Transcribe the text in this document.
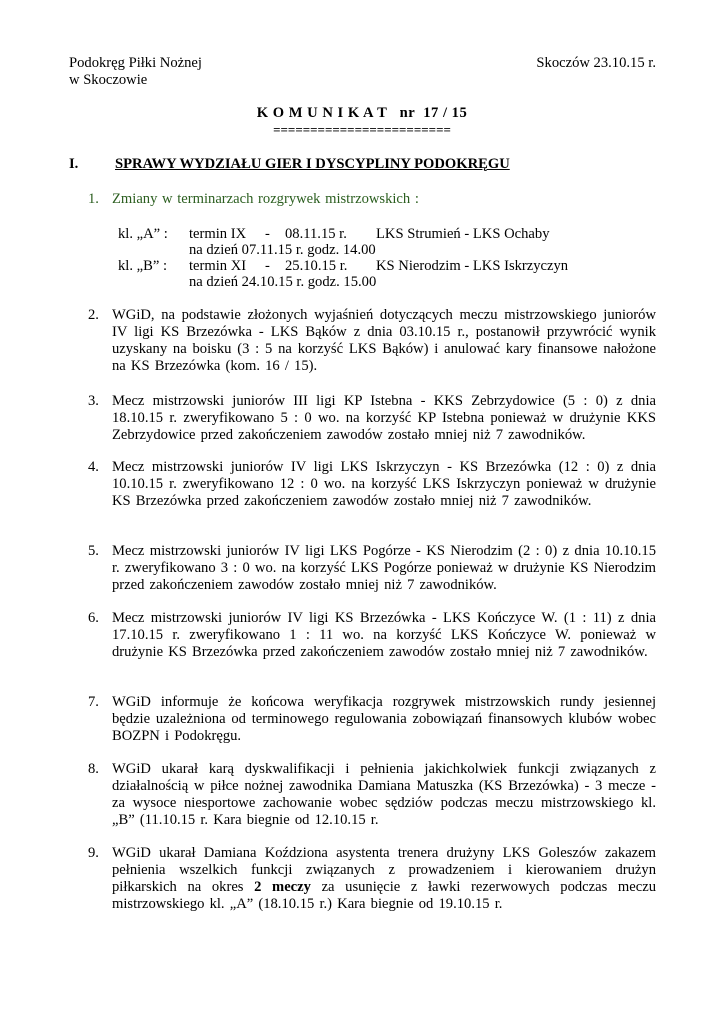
Podokręg Piłki Nożnej
w Skoczowie
Skoczów 23.10.15 r.
K O M U N I K A T   nr  17 / 15
========================
I.	SPRAWY WYDZIAŁU GIER I DYSCYPLINY PODOKRĘGU
1. Zmiany w terminarzach rozgrywek mistrzowskich :
kl. „A” : termin IX - 08.11.15 r. LKS Strumień - LKS Ochaby
na dzień 07.11.15 r. godz. 14.00
kl. „B” : termin XI - 25.10.15 r. KS Nierodzim - LKS Iskrzyczyn
na dzień 24.10.15 r. godz. 15.00
2. WGiD, na podstawie złożonych wyjaśnień dotyczących meczu mistrzowskiego juniorów IV ligi KS Brzezówka - LKS Bąków z dnia 03.10.15 r., postanowił przywrócić wynik uzyskany na boisku (3 : 5 na korzyść LKS Bąków) i anulować kary finansowe nałożone na KS Brzezówka (kom. 16 / 15).
3. Mecz mistrzowski juniorów III ligi KP Istebna - KKS Zebrzydowice (5 : 0) z dnia 18.10.15 r. zweryfikowano 5 : 0 wo. na korzyść KP Istebna ponieważ w drużynie KKS Zebrzydowice przed zakończeniem zawodów zostało mniej niż 7 zawodników.
4. Mecz mistrzowski juniorów IV ligi LKS Iskrzyczyn - KS Brzezówka (12 : 0) z dnia 10.10.15 r. zweryfikowano 12 : 0 wo. na korzyść LKS Iskrzyczyn ponieważ w drużynie KS Brzezówka przed zakończeniem zawodów zostało mniej niż 7 zawodników.
5. Mecz mistrzowski juniorów IV ligi LKS Pogórze - KS Nierodzim (2 : 0) z dnia 10.10.15 r. zweryfikowano 3 : 0 wo. na korzyść LKS Pogórze ponieważ w drużynie KS Nierodzim przed zakończeniem zawodów zostało mniej niż 7 zawodników.
6. Mecz mistrzowski juniorów IV ligi KS Brzezówka - LKS Kończyce W. (1 : 11) z dnia 17.10.15 r. zweryfikowano 1 : 11 wo. na korzyść LKS Kończyce W. ponieważ w drużynie KS Brzezówka przed zakończeniem zawodów zostało mniej niż 7 zawodników.
7. WGiD informuje że końcowa weryfikacja rozgrywek mistrzowskich rundy jesiennej będzie uzależniona od terminowego regulowania zobowiązań finansowych klubów wobec BOZPN i Podokręgu.
8. WGiD ukarał karą dyskwalifikacji i pełnienia jakichkolwiek funkcji związanych z działalnością w piłce nożnej zawodnika Damiana Matuszka (KS Brzezówka) - 3 mecze - za wysoce niesportowe zachowanie wobec sędziów podczas meczu mistrzowskiego kl. „B” (11.10.15 r. Kara biegnie od 12.10.15 r.
9. WGiD ukarał Damiana Koździona asystenta trenera drużyny LKS Goleszów zakazem pełnienia wszelkich funkcji związanych z prowadzeniem i kierowaniem drużyn piłkarskich na okres 2 meczy za usunięcie z ławki rezerwowych podczas meczu mistrzowskiego kl. „A” (18.10.15 r.) Kara biegnie od 19.10.15 r.
